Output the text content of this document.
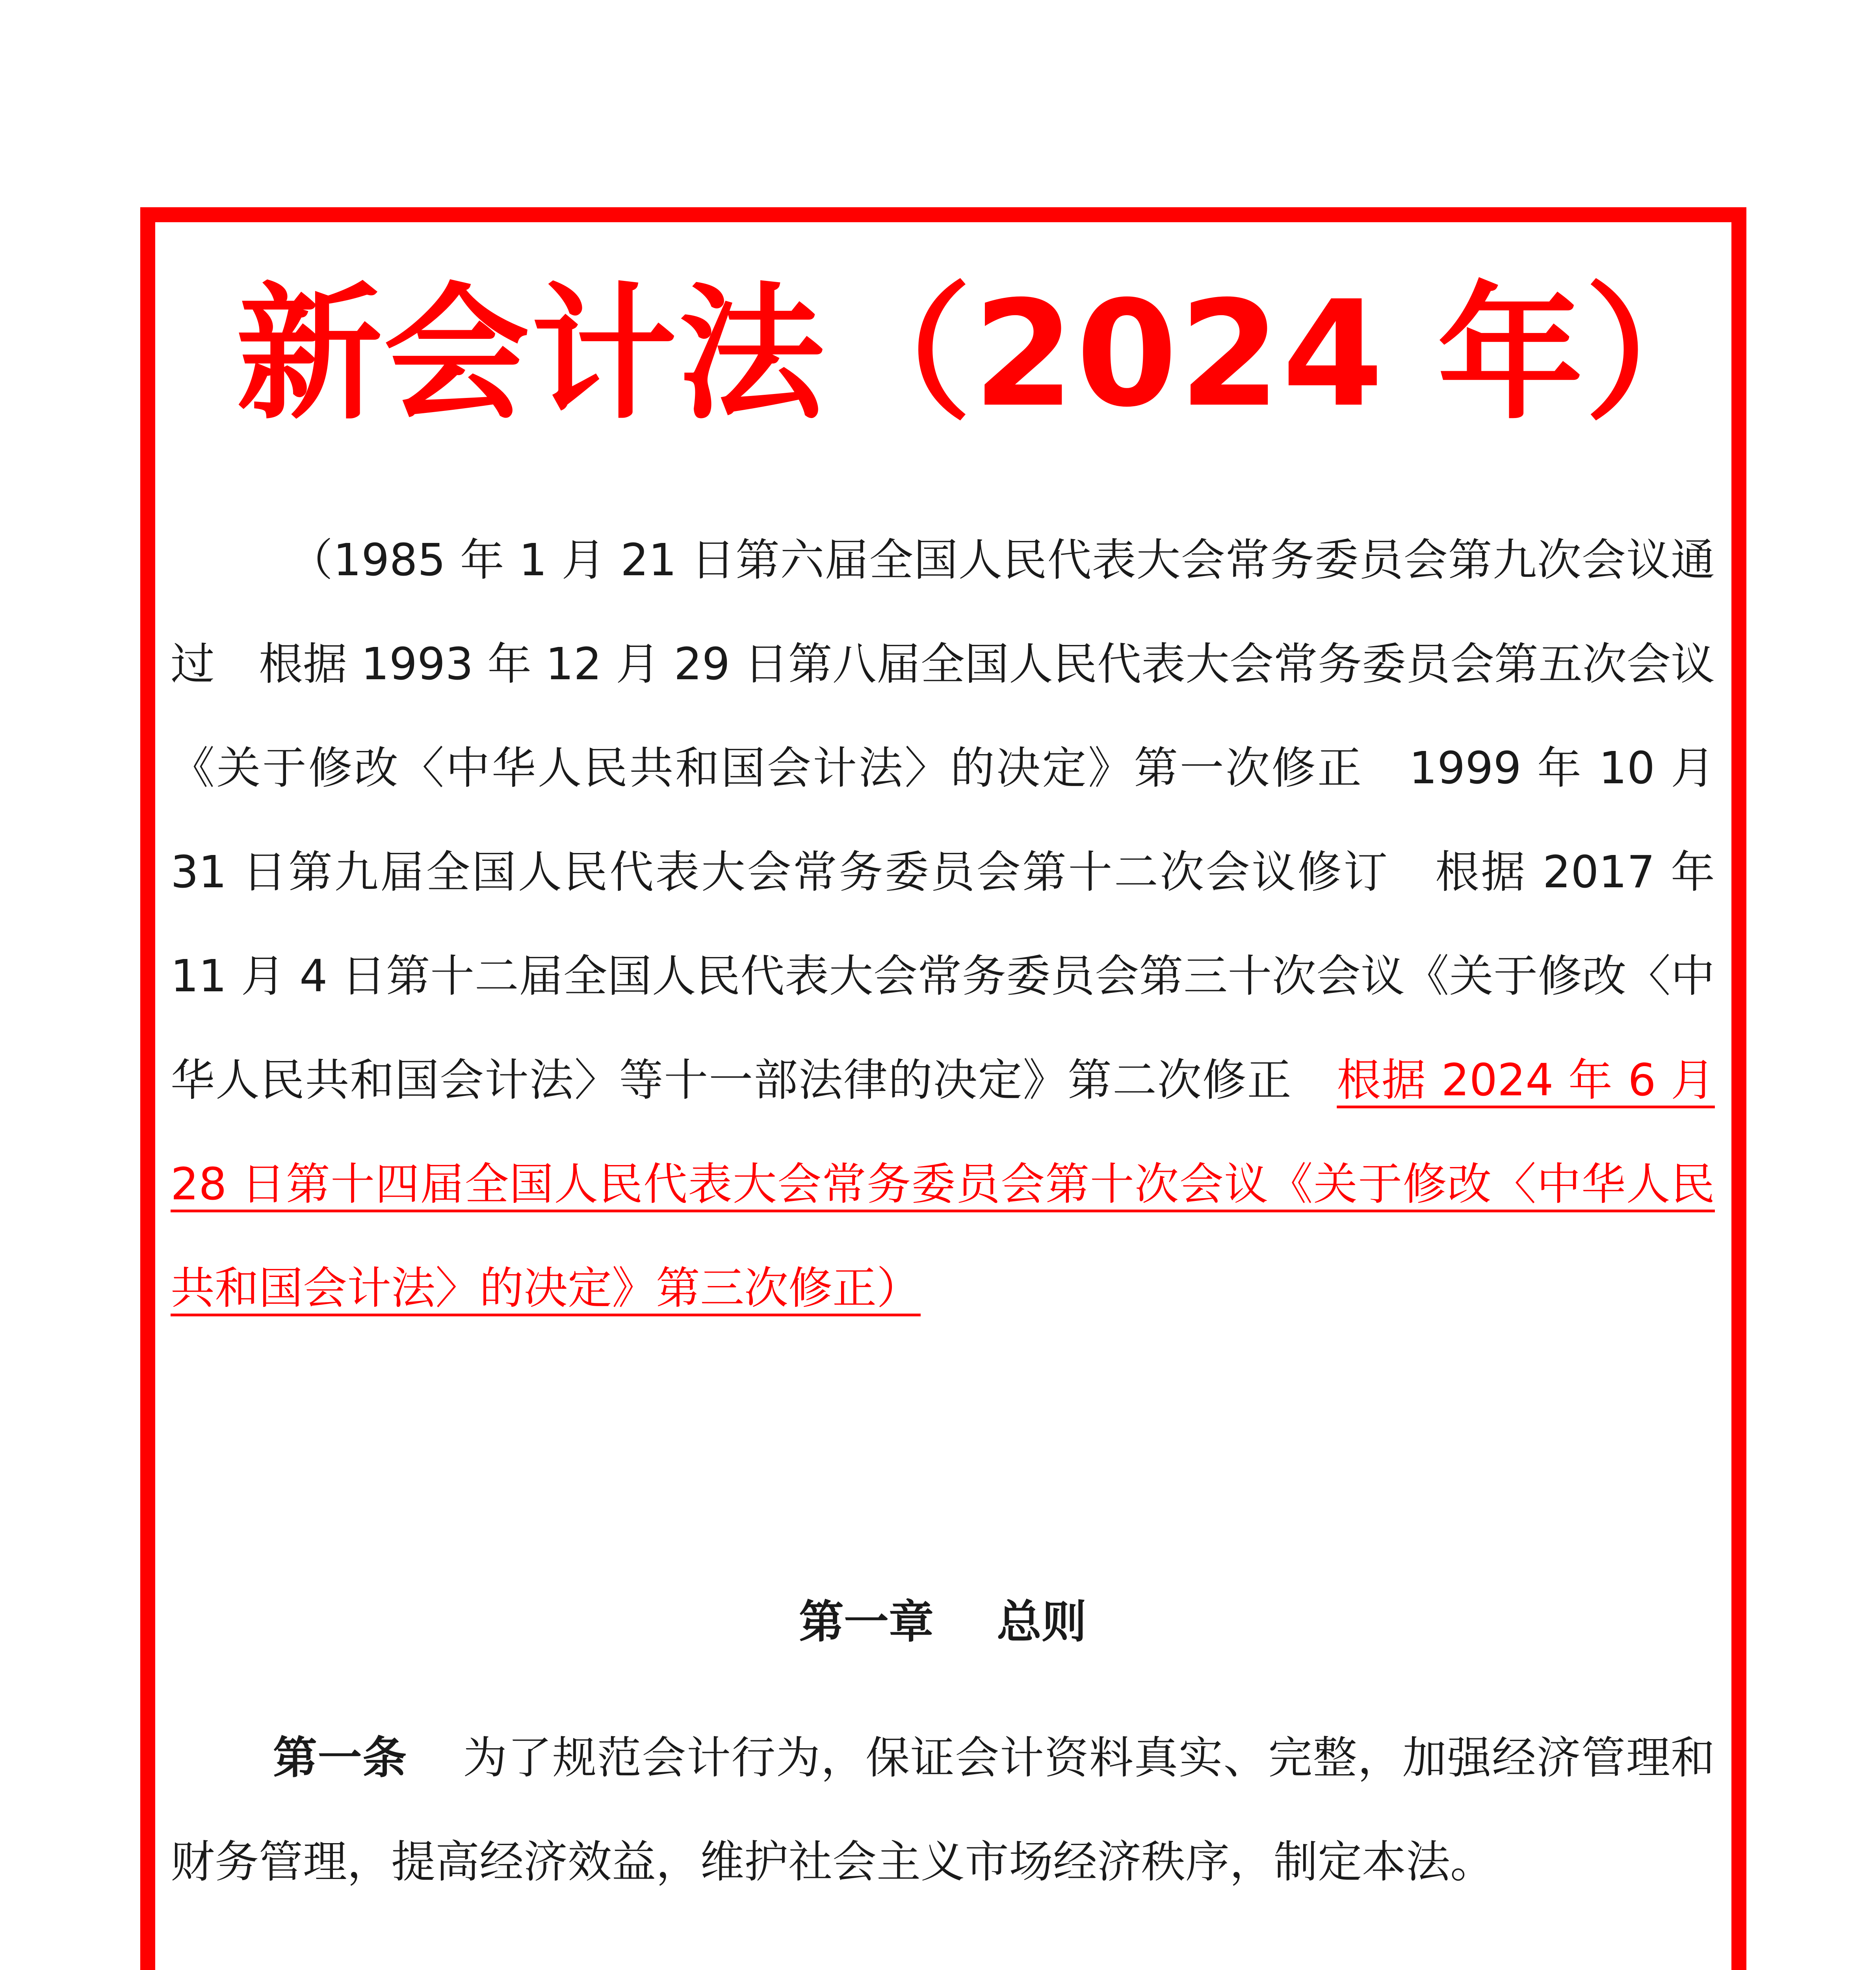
新会计法（2024 年）

（1985 年 1 月 21 日第六届全国人民代表大会常务委员会第九次会议通过　根据 1993 年 12 月 29 日第八届全国人民代表大会常务委员会第五次会议《关于修改〈中华人民共和国会计法〉的决定》第一次修正　1999 年 10 月 31 日第九届全国人民代表大会常务委员会第十二次会议修订　根据 2017 年 11 月 4 日第十二届全国人民代表大会常务委员会第三十次会议《关于修改〈中华人民共和国会计法〉等十一部法律的决定》第二次修正　根据 2024 年 6 月 28 日第十四届全国人民代表大会常务委员会第十次会议《关于修改〈中华人民共和国会计法〉的决定》第三次修正）

第一章 总则

第一条 为了规范会计行为，保证会计资料真实、完整，加强经济管理和财务管理，提高经济效益，维护社会主义市场经济秩序，制定本法。
